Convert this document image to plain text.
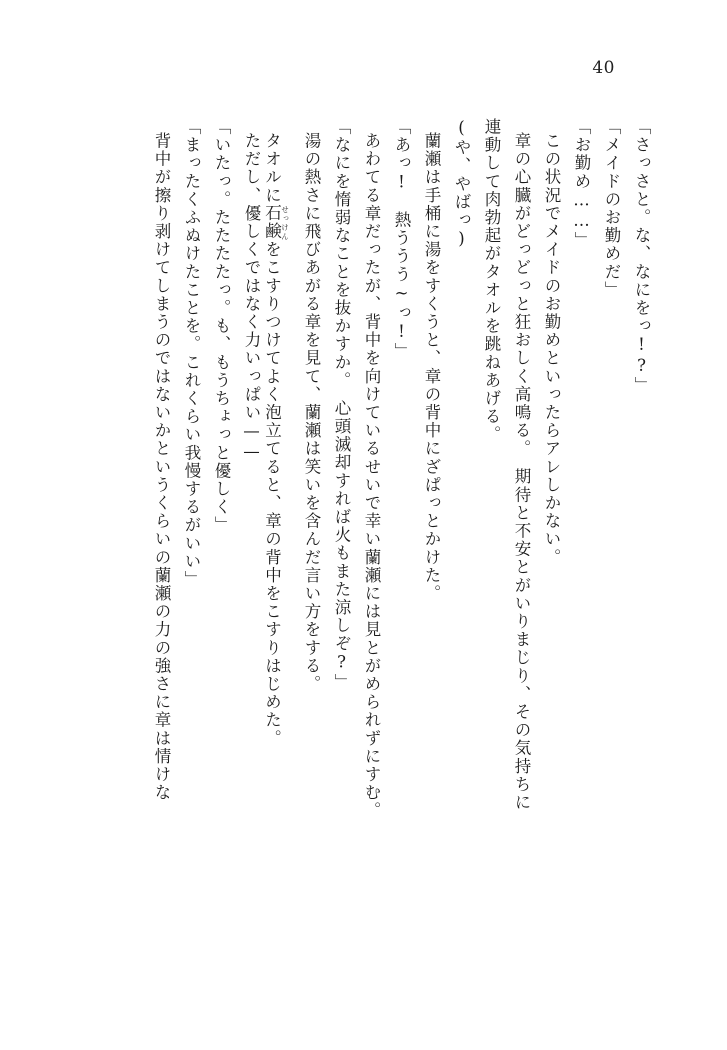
40
「さっさと。な、なにをっ!?」
「メイドのお勤めだ」
「お勤め……」
この状況でメイドのお勤めといったらアレしかない。
章の心臓がどっどっと狂おしく高鳴る。　期待と不安とがいりまじり、その気持ちに
連動して肉勃起がタオルを跳ねあげる。
(や、やばっ)
蘭瀬は手桶に湯をすくうと、章の背中にざぱっとかけた。
「あっ!　熱ううう~っ!」
あわてる章だったが、背中を向けているせいで幸い蘭瀬には見とがめられずにすむ。
「なにを惰弱なことを抜かすか。　心頭滅却すれば火もまた涼しぞ?」
湯の熱さに飛びあがる章を見て、蘭瀬は笑いを含んだ言い方をする。
タオルに石鹸 せっけんをこすりつけてよく泡立てると、章の背中をこすりはじめた。
ただし、優しくではなく力いっぱい——
「いたっ。たたたたっ。も、もうちょっと優しく」
「まったくふぬけたことを。これくらい我慢するがいい」
背中が擦り剥けてしまうのではないかというくらいの蘭瀬の力の強さに章は情けな
